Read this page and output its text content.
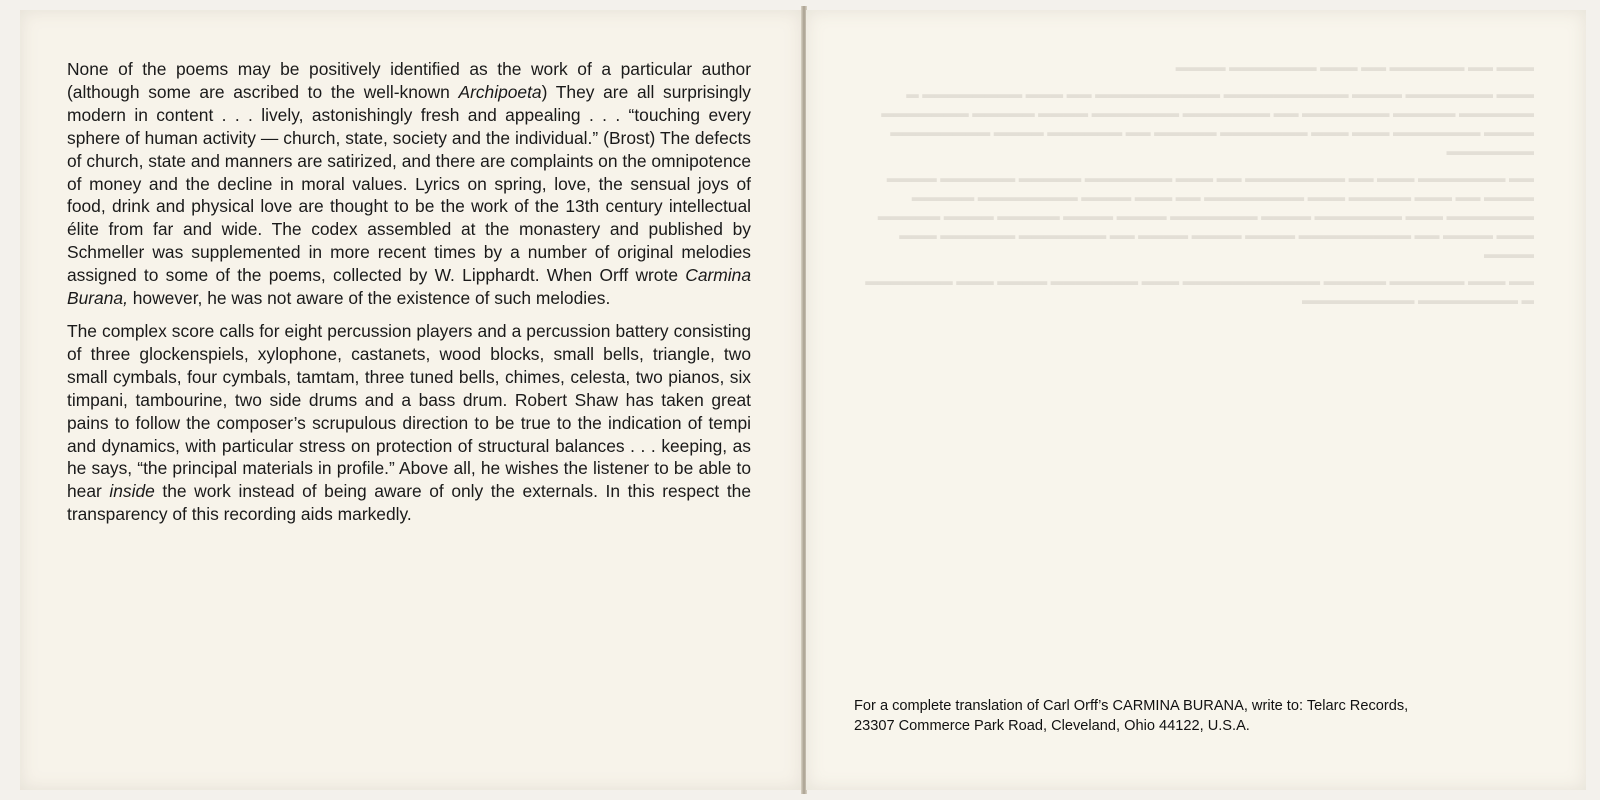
None of the poems may be positively identified as the work of a particular author (although some are ascribed to the well-known Archipoeta) They are all surprisingly modern in content . . . lively, astonishingly fresh and appealing . . . “touching every sphere of human activity — church, state, society and the individual.” (Brost) The defects of church, state and manners are satirized, and there are complaints on the omnipotence of money and the decline in moral values. Lyrics on spring, love, the sensual joys of food, drink and physical love are thought to be the work of the 13th century intellectual élite from far and wide. The codex assembled at the monastery and published by Schmeller was supplemented in more recent times by a number of original melodies assigned to some of the poems, collected by W. Lipphardt. When Orff wrote Carmina Burana, however, he was not aware of the existence of such melodies.

The complex score calls for eight percussion players and a percussion battery consisting of three glockenspiels, xylophone, castanets, wood blocks, small bells, triangle, two small cymbals, four cymbals, tamtam, three tuned bells, chimes, celesta, two pianos, six timpani, tambourine, two side drums and a bass drum. Robert Shaw has taken great pains to follow the composer’s scrupulous direction to be true to the indication of tempi and dynamics, with particular stress on protection of structural balances . . . keeping, as he says, “the principal materials in profile.” Above all, he wishes the listener to be able to hear inside the work instead of being aware of only the externals. In this respect the transparency of this recording aids markedly.

▬▬▬ ▬▬ ▬▬▬▬▬▬ ▬▬ ▬▬▬ ▬▬▬▬▬▬▬ ▬▬▬▬

▬▬▬ ▬▬▬▬▬▬▬ ▬▬▬▬ ▬▬▬▬▬▬▬▬▬▬ ▬▬▬▬▬▬▬▬▬▬ ▬▬ ▬▬▬ ▬▬▬▬▬▬▬▬ ▬ ▬▬▬▬▬▬ ▬▬▬▬▬ ▬▬▬▬▬▬▬ ▬▬ ▬▬▬▬▬▬▬ ▬▬▬▬▬▬▬ ▬▬▬▬ ▬▬▬▬▬ ▬▬▬▬▬▬▬ ▬▬▬▬ ▬▬▬▬▬▬▬ ▬▬▬ ▬▬▬ ▬▬▬▬▬▬▬ ▬▬▬▬▬ ▬▬ ▬▬▬▬▬▬ ▬▬▬▬ ▬▬▬▬▬▬▬▬ ▬▬▬▬▬▬▬

▬▬ ▬▬▬▬▬▬▬ ▬▬▬ ▬▬ ▬▬▬▬▬▬▬▬ ▬▬ ▬▬▬ ▬▬▬▬▬▬▬ ▬▬▬▬▬ ▬▬▬▬▬▬ ▬▬▬▬ ▬▬▬▬ ▬▬ ▬▬▬ ▬▬▬▬▬ ▬▬▬ ▬▬▬▬▬▬▬▬ ▬▬ ▬▬▬ ▬▬▬▬ ▬▬▬▬▬▬▬▬ ▬▬▬▬▬ ▬▬▬▬▬▬▬ ▬▬▬ ▬▬▬▬▬▬▬ ▬▬▬▬ ▬▬▬▬▬▬▬ ▬▬▬▬ ▬▬▬▬ ▬▬▬▬▬ ▬▬▬▬ ▬▬▬▬▬ ▬▬▬ ▬▬▬▬ ▬▬ ▬▬▬▬▬▬▬▬▬ ▬▬▬▬ ▬▬▬▬ ▬▬▬▬ ▬▬ ▬▬▬▬▬▬▬ ▬▬▬▬▬▬ ▬▬▬ ▬▬▬▬

▬▬ ▬▬▬ ▬▬▬▬▬▬ ▬▬▬▬▬ ▬▬▬▬▬▬▬▬▬▬▬ ▬▬▬ ▬▬▬▬▬▬▬ ▬▬▬▬ ▬▬▬ ▬▬▬▬▬▬▬ ▬ ▬▬▬▬▬▬▬▬ ▬▬▬▬▬▬▬▬▬

For a complete translation of Carl Orff’s CARMINA BURANA, write to: Telarc Records,
23307 Commerce Park Road, Cleveland, Ohio 44122, U.S.A.
